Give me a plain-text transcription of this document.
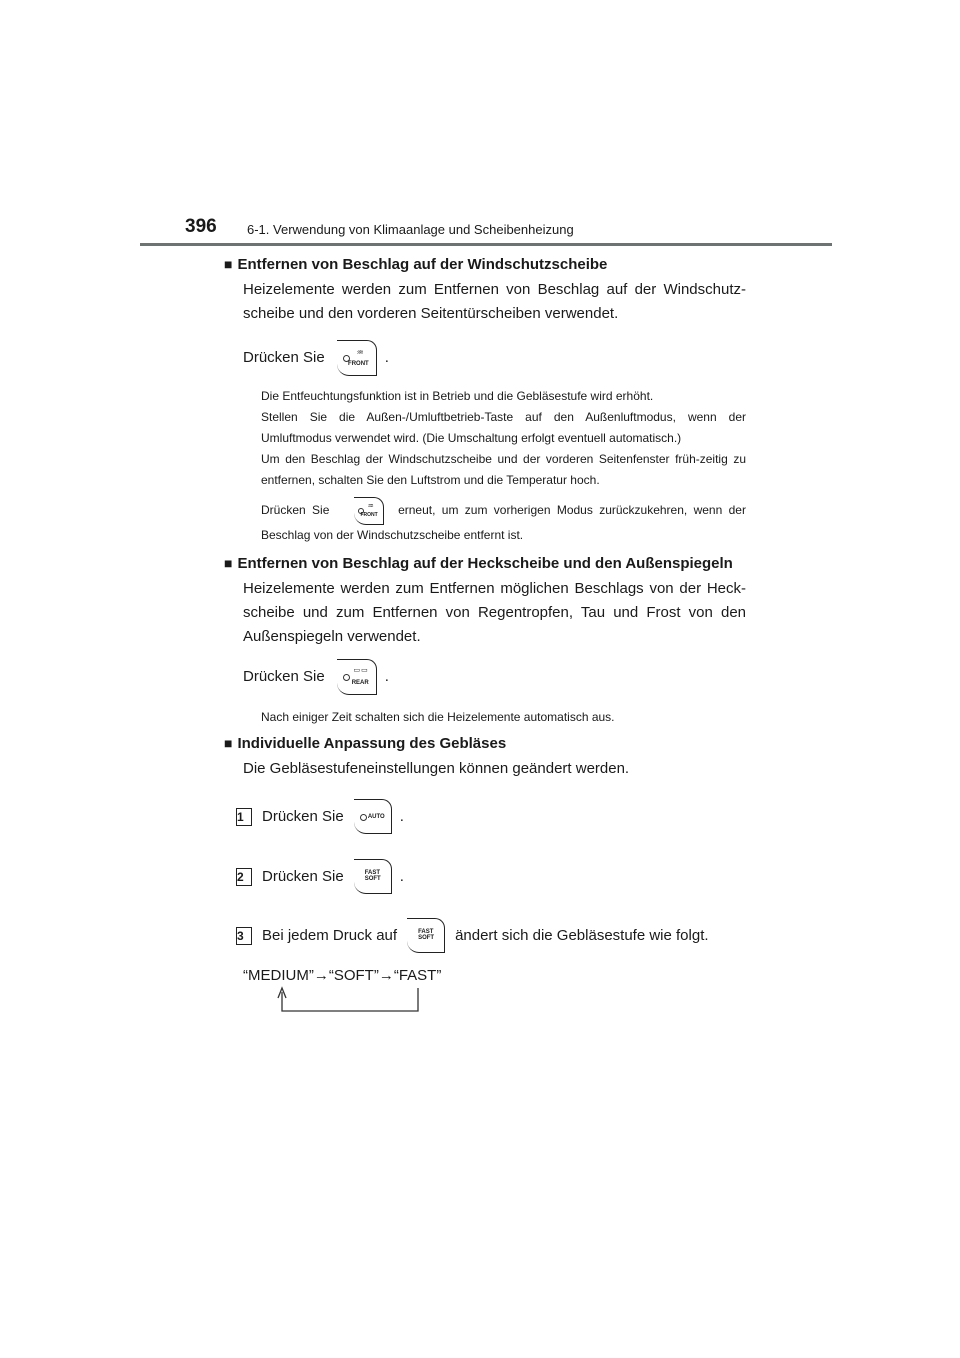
396 6-1. Verwendung von Klimaanlage und Scheibenheizung
■ Entfernen von Beschlag auf der Windschutzscheibe
Heizelemente werden zum Entfernen von Beschlag auf der Windschutz-scheibe und den vorderen Seitentürscheiben verwendet.
Drücken Sie	♒
FRONT .
Die Entfeuchtungsfunktion ist in Betrieb und die Gebläsestufe wird erhöht.
Stellen Sie die Außen-/Umluftbetrieb-Taste auf den Außenluftmodus, wenn der Umluftmodus verwendet wird. (Die Umschaltung erfolgt eventuell automatisch.)
Um den Beschlag der Windschutzscheibe und der vorderen Seitenfenster früh-zeitig zu entfernen, schalten Sie den Luftstrom und die Temperatur hoch.
Drücken Sie	♒
FRONT erneut, um zum vorherigen Modus zurückzukehren, wenn der Beschlag von der Windschutzscheibe entfernt ist.
■ Entfernen von Beschlag auf der Heckscheibe und den Außenspiegeln
Heizelemente werden zum Entfernen möglichen Beschlags von der Heck-scheibe und zum Entfernen von Regentropfen, Tau und Frost von den Außenspiegeln verwendet.
Drücken Sie	▭▭
REAR .
Nach einiger Zeit schalten sich die Heizelemente automatisch aus.
■ Individuelle Anpassung des Gebläses
Die Gebläsestufeneinstellungen können geändert werden.
1	Drücken Sie	AUTO .
2	Drücken Sie	FAST
SOFT .
3	Bei jedem Druck auf	FAST
SOFT ändert sich die Gebläsestufe wie folgt.
“MEDIUM”→“SOFT”→“FAST”
